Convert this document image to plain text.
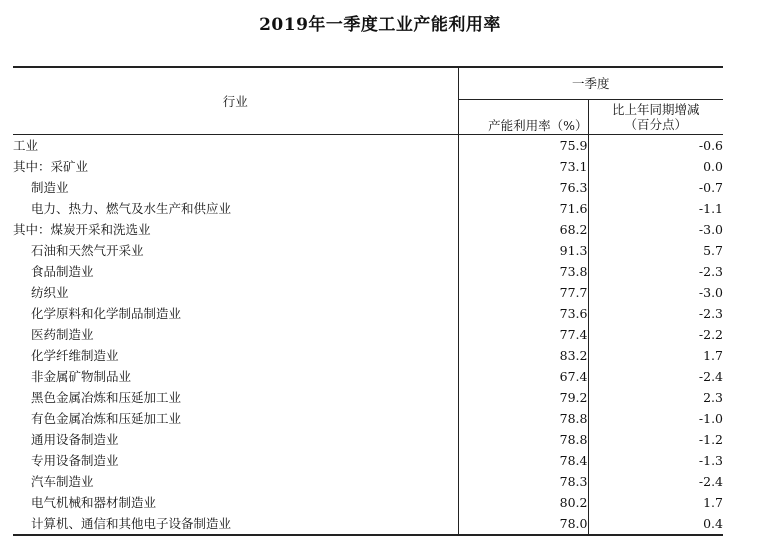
2019年一季度工业产能利用率
行业	一季度	
	产能利用率（%）	比上年同期增减
（百分点）

工业	75.9	-0.6
其中：采矿业	73.1	0.0
制造业	76.3	-0.7
电力、热力、燃气及水生产和供应业	71.6	-1.1
其中：煤炭开采和洗选业	68.2	-3.0
石油和天然气开采业	91.3	5.7
食品制造业	73.8	-2.3
纺织业	77.7	-3.0
化学原料和化学制品制造业	73.6	-2.3
医药制造业	77.4	-2.2
化学纤维制造业	83.2	1.7
非金属矿物制品业	67.4	-2.4
黑色金属冶炼和压延加工业	79.2	2.3
有色金属冶炼和压延加工业	78.8	-1.0
通用设备制造业	78.8	-1.2
专用设备制造业	78.4	-1.3
汽车制造业	78.3	-2.4
电气机械和器材制造业	80.2	1.7
计算机、通信和其他电子设备制造业	78.0	0.4
